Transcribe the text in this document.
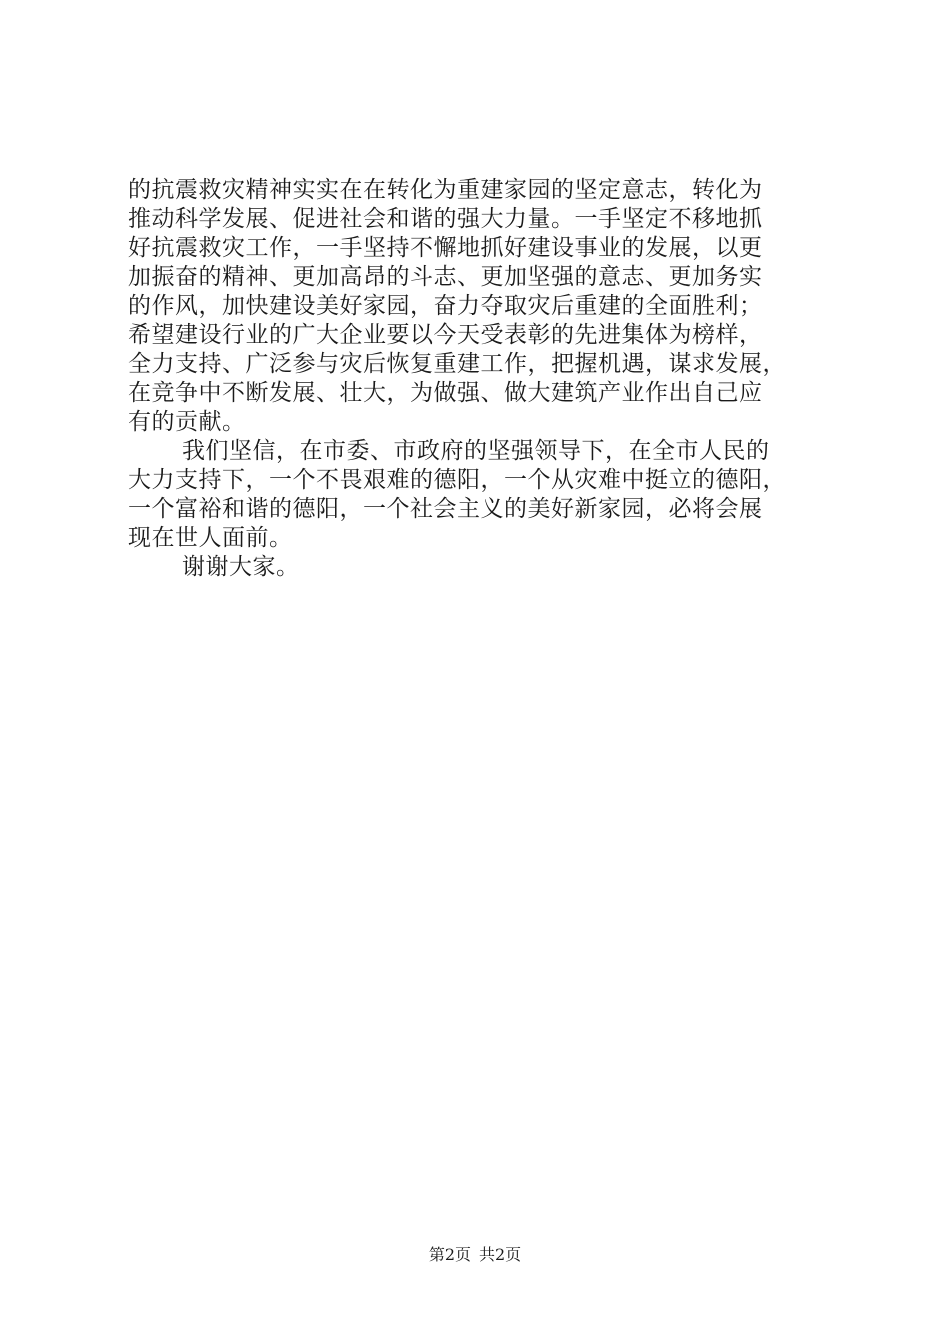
的抗震救灾精神实实在在转化为重建家园的坚定意志，转化为
推动科学发展、促进社会和谐的强大力量。一手坚定不移地抓
好抗震救灾工作，一手坚持不懈地抓好建设事业的发展，以更
加振奋的精神、更加高昂的斗志、更加坚强的意志、更加务实
的作风，加快建设美好家园，奋力夺取灾后重建的全面胜利；
希望建设行业的广大企业要以今天受表彰的先进集体为榜样，
全力支持、广泛参与灾后恢复重建工作，把握机遇，谋求发展，
在竞争中不断发展、壮大，为做强、做大建筑产业作出自己应
有的贡献。
我们坚信，在市委、市政府的坚强领导下，在全市人民的
大力支持下，一个不畏艰难的德阳，一个从灾难中挺立的德阳，
一个富裕和谐的德阳，一个社会主义的美好新家园，必将会展
现在世人面前。
谢谢大家。
第2页 共2页
